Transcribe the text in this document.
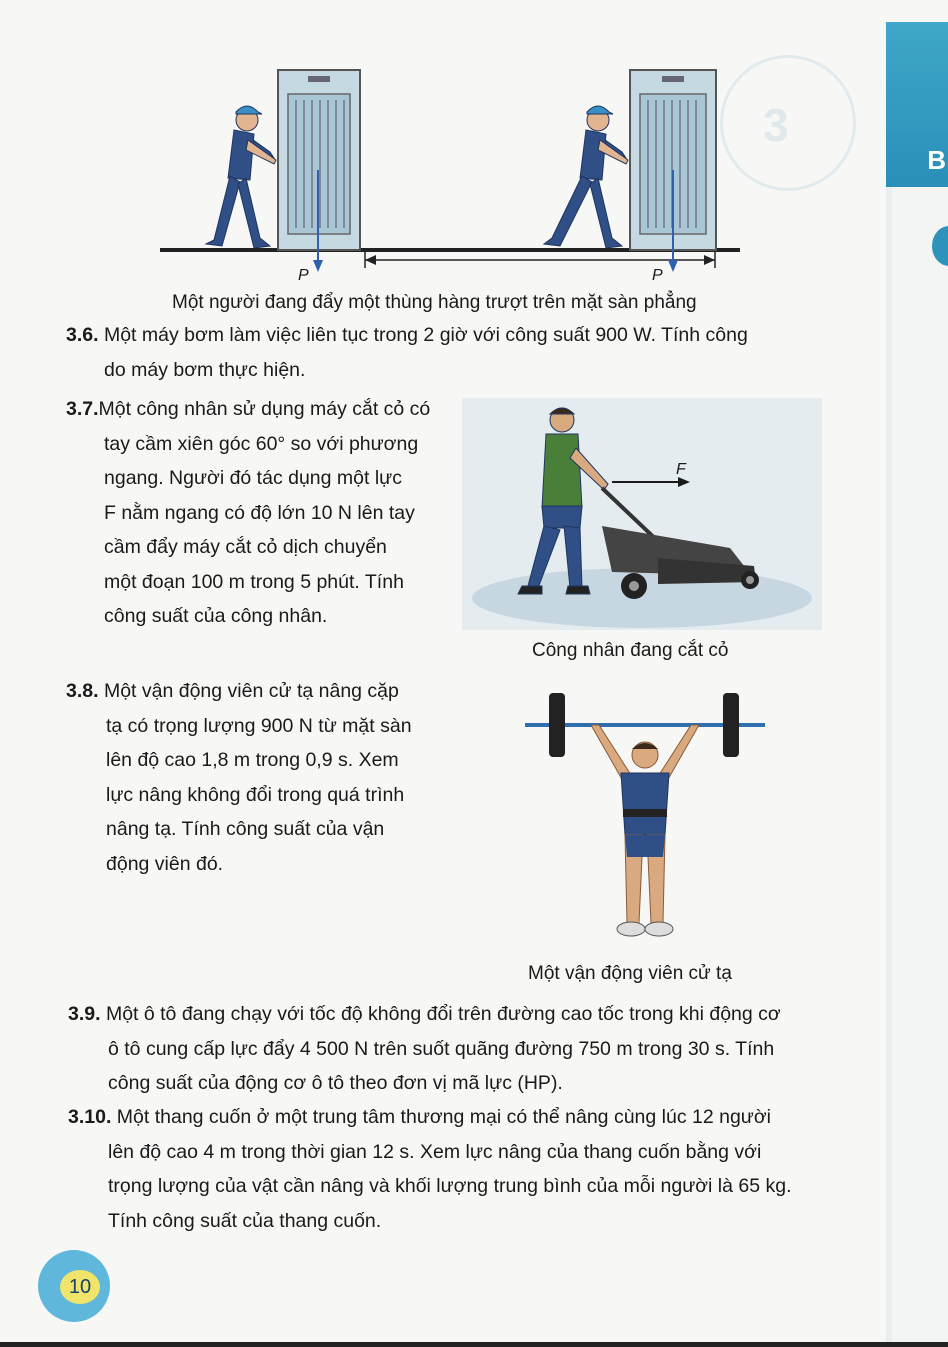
B
3
P	P
Một người đang đẩy một thùng hàng trượt trên mặt sàn phẳng
3.6. Một máy bơm làm việc liên tục trong 2 giờ với công suất 900 W. Tính công
do máy bơm thực hiện.
3.7.Một công nhân sử dụng máy cắt cỏ có
tay cầm xiên góc 60° so với phương
ngang. Người đó tác dụng một lực
F nằm ngang có độ lớn 10 N lên tay
cầm đẩy máy cắt cỏ dịch chuyển
một đoạn 100 m trong 5 phút. Tính
công suất của công nhân.
F
Công nhân đang cắt cỏ
3.8. Một vận động viên cử tạ nâng cặp
tạ có trọng lượng 900 N từ mặt sàn
lên độ cao 1,8 m trong 0,9 s. Xem
lực nâng không đổi trong quá trình
nâng tạ. Tính công suất của vận
động viên đó.
Một vận động viên cử tạ
3.9. Một ô tô đang chạy với tốc độ không đổi trên đường cao tốc trong khi động cơ
ô tô cung cấp lực đẩy 4 500 N trên suốt quãng đường 750 m trong 30 s. Tính
công suất của động cơ ô tô theo đơn vị mã lực (HP).
3.10. Một thang cuốn ở một trung tâm thương mại có thể nâng cùng lúc 12 người
lên độ cao 4 m trong thời gian 12 s. Xem lực nâng của thang cuốn bằng với
trọng lượng của vật cần nâng và khối lượng trung bình của mỗi người là 65 kg.
Tính công suất của thang cuốn.
10
